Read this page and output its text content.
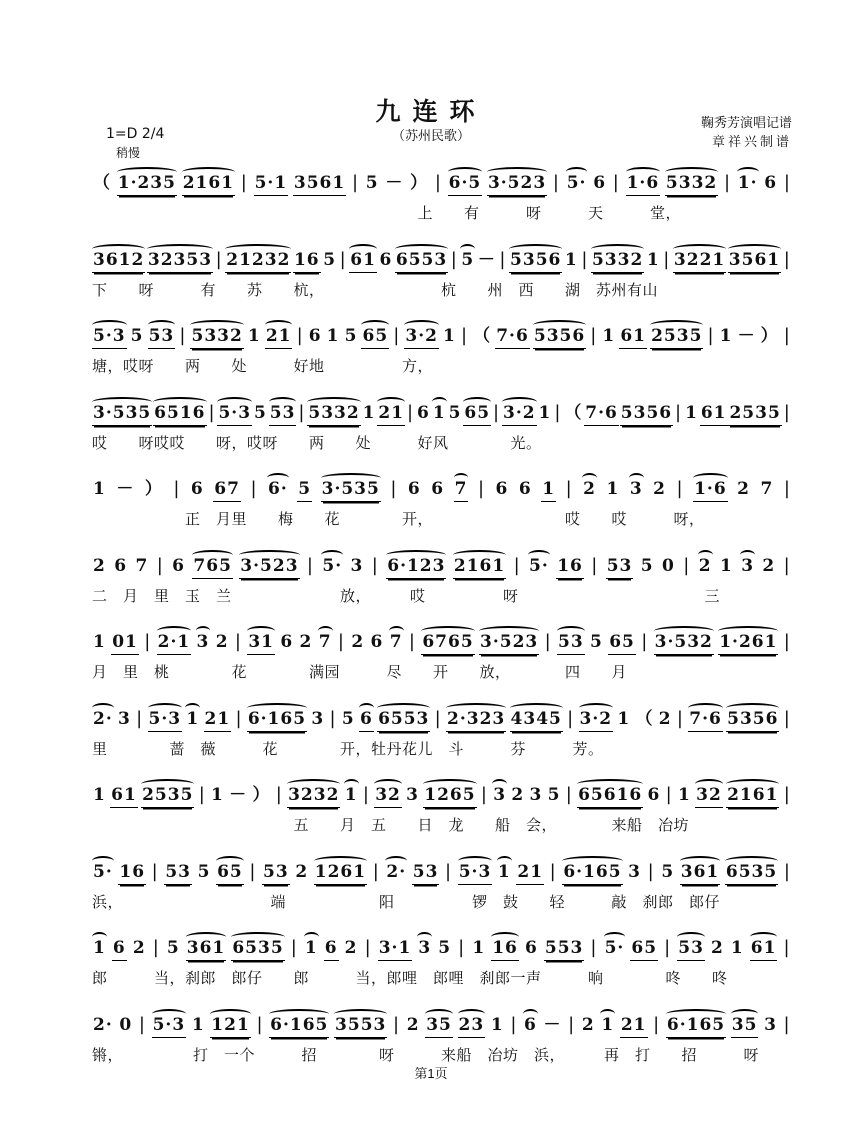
九连环
（苏州民歌）
1=D 2/4
稍慢
鞠秀芳演唱记谱
章祥兴制谱
（ 1·235 2161 | 5·1 3561 | 5 － ） | 6·5 3·523 | 5· 6 | 1·6 5332 | 1· 6 |
　　　　　　　　　　　　　　　　　　　　　上　　有　　　呀　　　天　　　堂，
3612 32353 | 21232 16 5 | 61 6 6553 | 5 － | 5356 1 | 5332 1 | 3221 3561 |
下　　呀　　　有　　苏　　杭，　　　　　　　　杭　　州　西　　湖　苏州有山
5·3 5 53 | 5332 1 21 | 6 1 5 65 | 3·2 1 | （ 7·6 5356 | 1 61 2535 | 1 － ） |
塘，哎呀　　两　　处　　　好地　　　　　方，
3·535 6516 | 5·3 5 53 | 5332 1 21 | 6 1 5 65 | 3·2 1 | （ 7·6 5356 | 1 61 2535 |
哎　　呀哎哎　　呀，哎呀　　两　　处　　　好风　　　　光。
1 － ） | 6 67 | 6· 5 3·535 | 6 6 7 | 6 6 1 | 2 1 3 2 | 1·6 2 7 |
　　　　　　正　月里　　梅　　花　　　　开，　　　　　　　　　哎　　哎　　　呀，
2 6 7 | 6 765 3·523 | 5· 3 | 6·123 2161 | 5· 16 | 53 5 0 | 2 1 3 2 |
二　月　里　玉　兰　　　　　　　放，　　　哎　　　　　呀　　　　　　　　　　　　三
1 01 | 2·1 3 2 | 31 6 2 7 | 2 6 7 | 6765 3·523 | 53 5 65 | 3·532 1·261 |
月　里　桃　　　　花　　　　满园　　　尽　　开　　放，　　　　四　　月
2· 3 | 5·3 1 21 | 6·165 3 | 5 6 6553 | 2·323 4345 | 3·2 1 （ 2 | 7·6 5356 |
里　　　　蔷　薇　　　花　　　　开，牡丹花儿　斗　　　芬　　　芳。
1 61 2535 | 1 － ） | 3232 1 | 32 3 1265 | 3 2 3 5 | 65616 6 | 1 32 2161 |
　　　　　　　　　　　　　五　　月　五　　日　龙　　船　会，　　　　来船　冶坊
5· 16 | 53 5 65 | 53 2 1261 | 2· 53 | 5·3 1 21 | 6·165 3 | 5 361 6535 |
浜，　　　　　　　　　　端　　　　　　阳　　　　　锣　鼓　　轻　　　敲　刹郎　郎仔
1 6 2 | 5 361 6535 | 1 6 2 | 3·1 3 5 | 1 16 6 553 | 5· 65 | 53 2 1 61 |
郎　　　当，刹郎　郎仔　　郎　　　当，郎哩　郎哩　刹郎一声　　　响　　　　咚　　咚
2· 0 | 5·3 1 121 | 6·165 3553 | 2 35 23 1 | 6 － | 2 1 21 | 6·165 35 3 |
锵，　　　　　打　一个　　　招　　　　呀　　　来船　冶坊　浜，　　　再　打　　招　　　呀
第1页
